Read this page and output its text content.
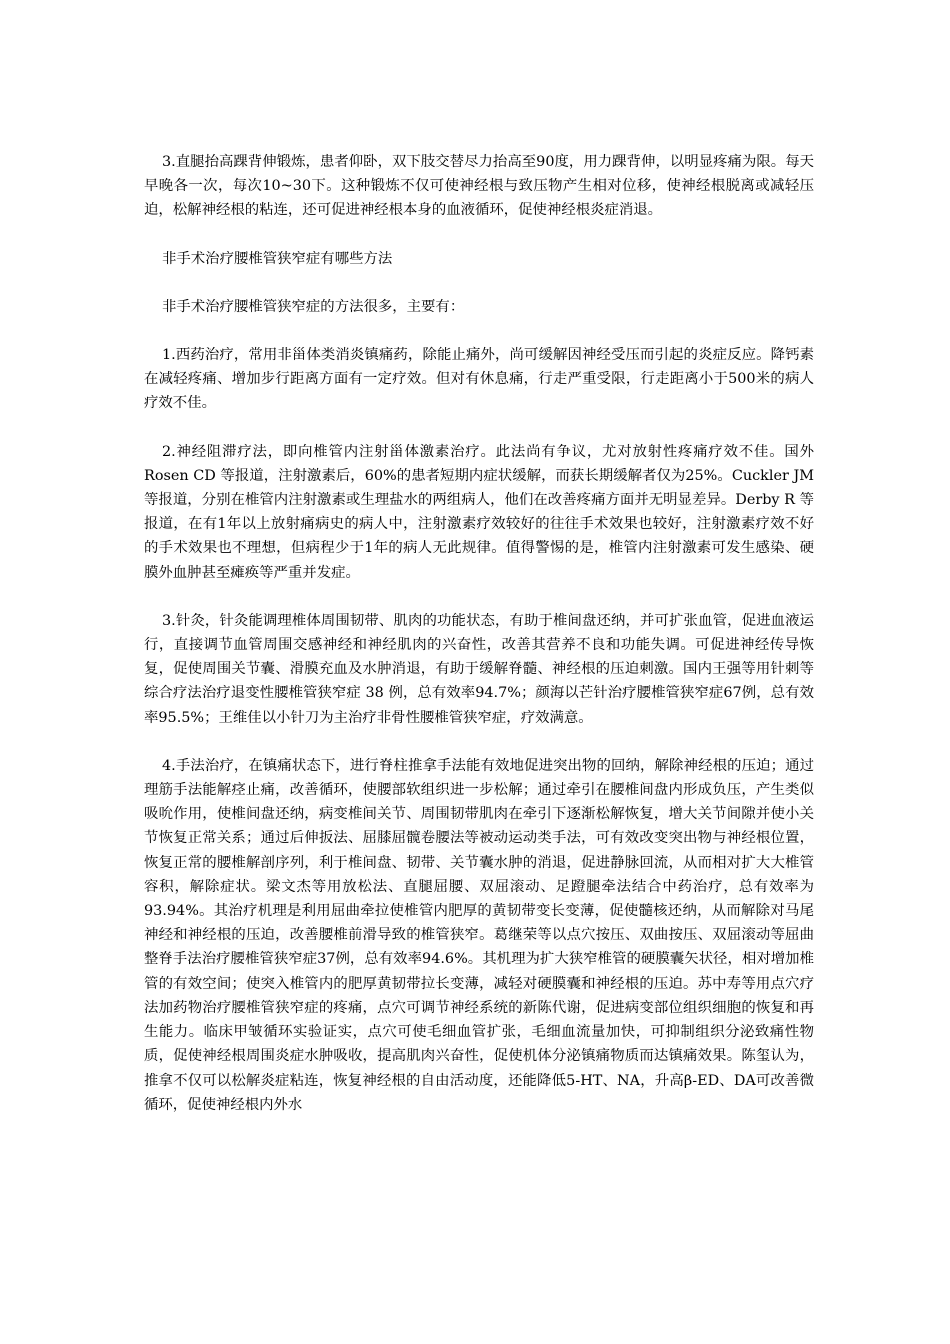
3.直腿抬高踝背伸锻炼，患者仰卧，双下肢交替尽力抬高至90度，用力踝背伸，以明显疼痛为限。每天早晚各一次，每次10~30下。这种锻炼不仅可使神经根与致压物产生相对位移，使神经根脱离或减轻压迫，松解神经根的粘连，还可促进神经根本身的血液循环，促使神经根炎症消退。

非手术治疗腰椎管狭窄症有哪些方法

非手术治疗腰椎管狭窄症的方法很多，主要有：

1.西药治疗，常用非甾体类消炎镇痛药，除能止痛外，尚可缓解因神经受压而引起的炎症反应。降钙素在减轻疼痛、增加步行距离方面有一定疗效。但对有休息痛，行走严重受限，行走距离小于500米的病人疗效不佳。

2.神经阻滞疗法，即向椎管内注射甾体激素治疗。此法尚有争议，尤对放射性疼痛疗效不佳。国外 Rosen CD 等报道，注射激素后，60%的患者短期内症状缓解，而获长期缓解者仅为25%。Cuckler JM 等报道，分别在椎管内注射激素或生理盐水的两组病人，他们在改善疼痛方面并无明显差异。Derby R 等报道，在有1年以上放射痛病史的病人中，注射激素疗效较好的往往手术效果也较好，注射激素疗效不好的手术效果也不理想，但病程少于1年的病人无此规律。值得警惕的是，椎管内注射激素可发生感染、硬膜外血肿甚至瘫痪等严重并发症。

3.针灸，针灸能调理椎体周围韧带、肌肉的功能状态，有助于椎间盘还纳，并可扩张血管，促进血液运行，直接调节血管周围交感神经和神经肌肉的兴奋性，改善其营养不良和功能失调。可促进神经传导恢复，促使周围关节囊、滑膜充血及水肿消退，有助于缓解脊髓、神经根的压迫刺激。国内王强等用针刺等综合疗法治疗退变性腰椎管狭窄症 38 例，总有效率94.7%；颜海以芒针治疗腰椎管狭窄症67例，总有效率95.5%；王维佳以小针刀为主治疗非骨性腰椎管狭窄症，疗效满意。

4.手法治疗，在镇痛状态下，进行脊柱推拿手法能有效地促进突出物的回纳，解除神经根的压迫；通过理筋手法能解痉止痛，改善循环，使腰部软组织进一步松解；通过牵引在腰椎间盘内形成负压，产生类似吸吮作用，使椎间盘还纳，病变椎间关节、周围韧带肌肉在牵引下逐渐松解恢复，增大关节间隙并使小关节恢复正常关系；通过后伸扳法、屈膝屈髋卷腰法等被动运动类手法，可有效改变突出物与神经根位置，恢复正常的腰椎解剖序列，利于椎间盘、韧带、关节囊水肿的消退，促进静脉回流，从而相对扩大大椎管容积，解除症状。梁文杰等用放松法、直腿屈腰、双屈滚动、足蹬腿牵法结合中药治疗，总有效率为93.94%。其治疗机理是利用屈曲牵拉使椎管内肥厚的黄韧带变长变薄，促使髓核还纳，从而解除对马尾神经和神经根的压迫，改善腰椎前滑导致的椎管狭窄。葛继荣等以点穴按压、双曲按压、双屈滚动等屈曲整脊手法治疗腰椎管狭窄症37例，总有效率94.6%。其机理为扩大狭窄椎管的硬膜囊矢状径，相对增加椎管的有效空间；使突入椎管内的肥厚黄韧带拉长变薄，减轻对硬膜囊和神经根的压迫。苏中寿等用点穴疗法加药物治疗腰椎管狭窄症的疼痛，点穴可调节神经系统的新陈代谢，促进病变部位组织细胞的恢复和再生能力。临床甲皱循环实验证实，点穴可使毛细血管扩张，毛细血流量加快，可抑制组织分泌致痛性物质，促使神经根周围炎症水肿吸收，提高肌肉兴奋性，促使机体分泌镇痛物质而达镇痛效果。陈玺认为，推拿不仅可以松解炎症粘连，恢复神经根的自由活动度，还能降低5-HT、NA，升高β-ED、DA可改善微循环，促使神经根内外水
